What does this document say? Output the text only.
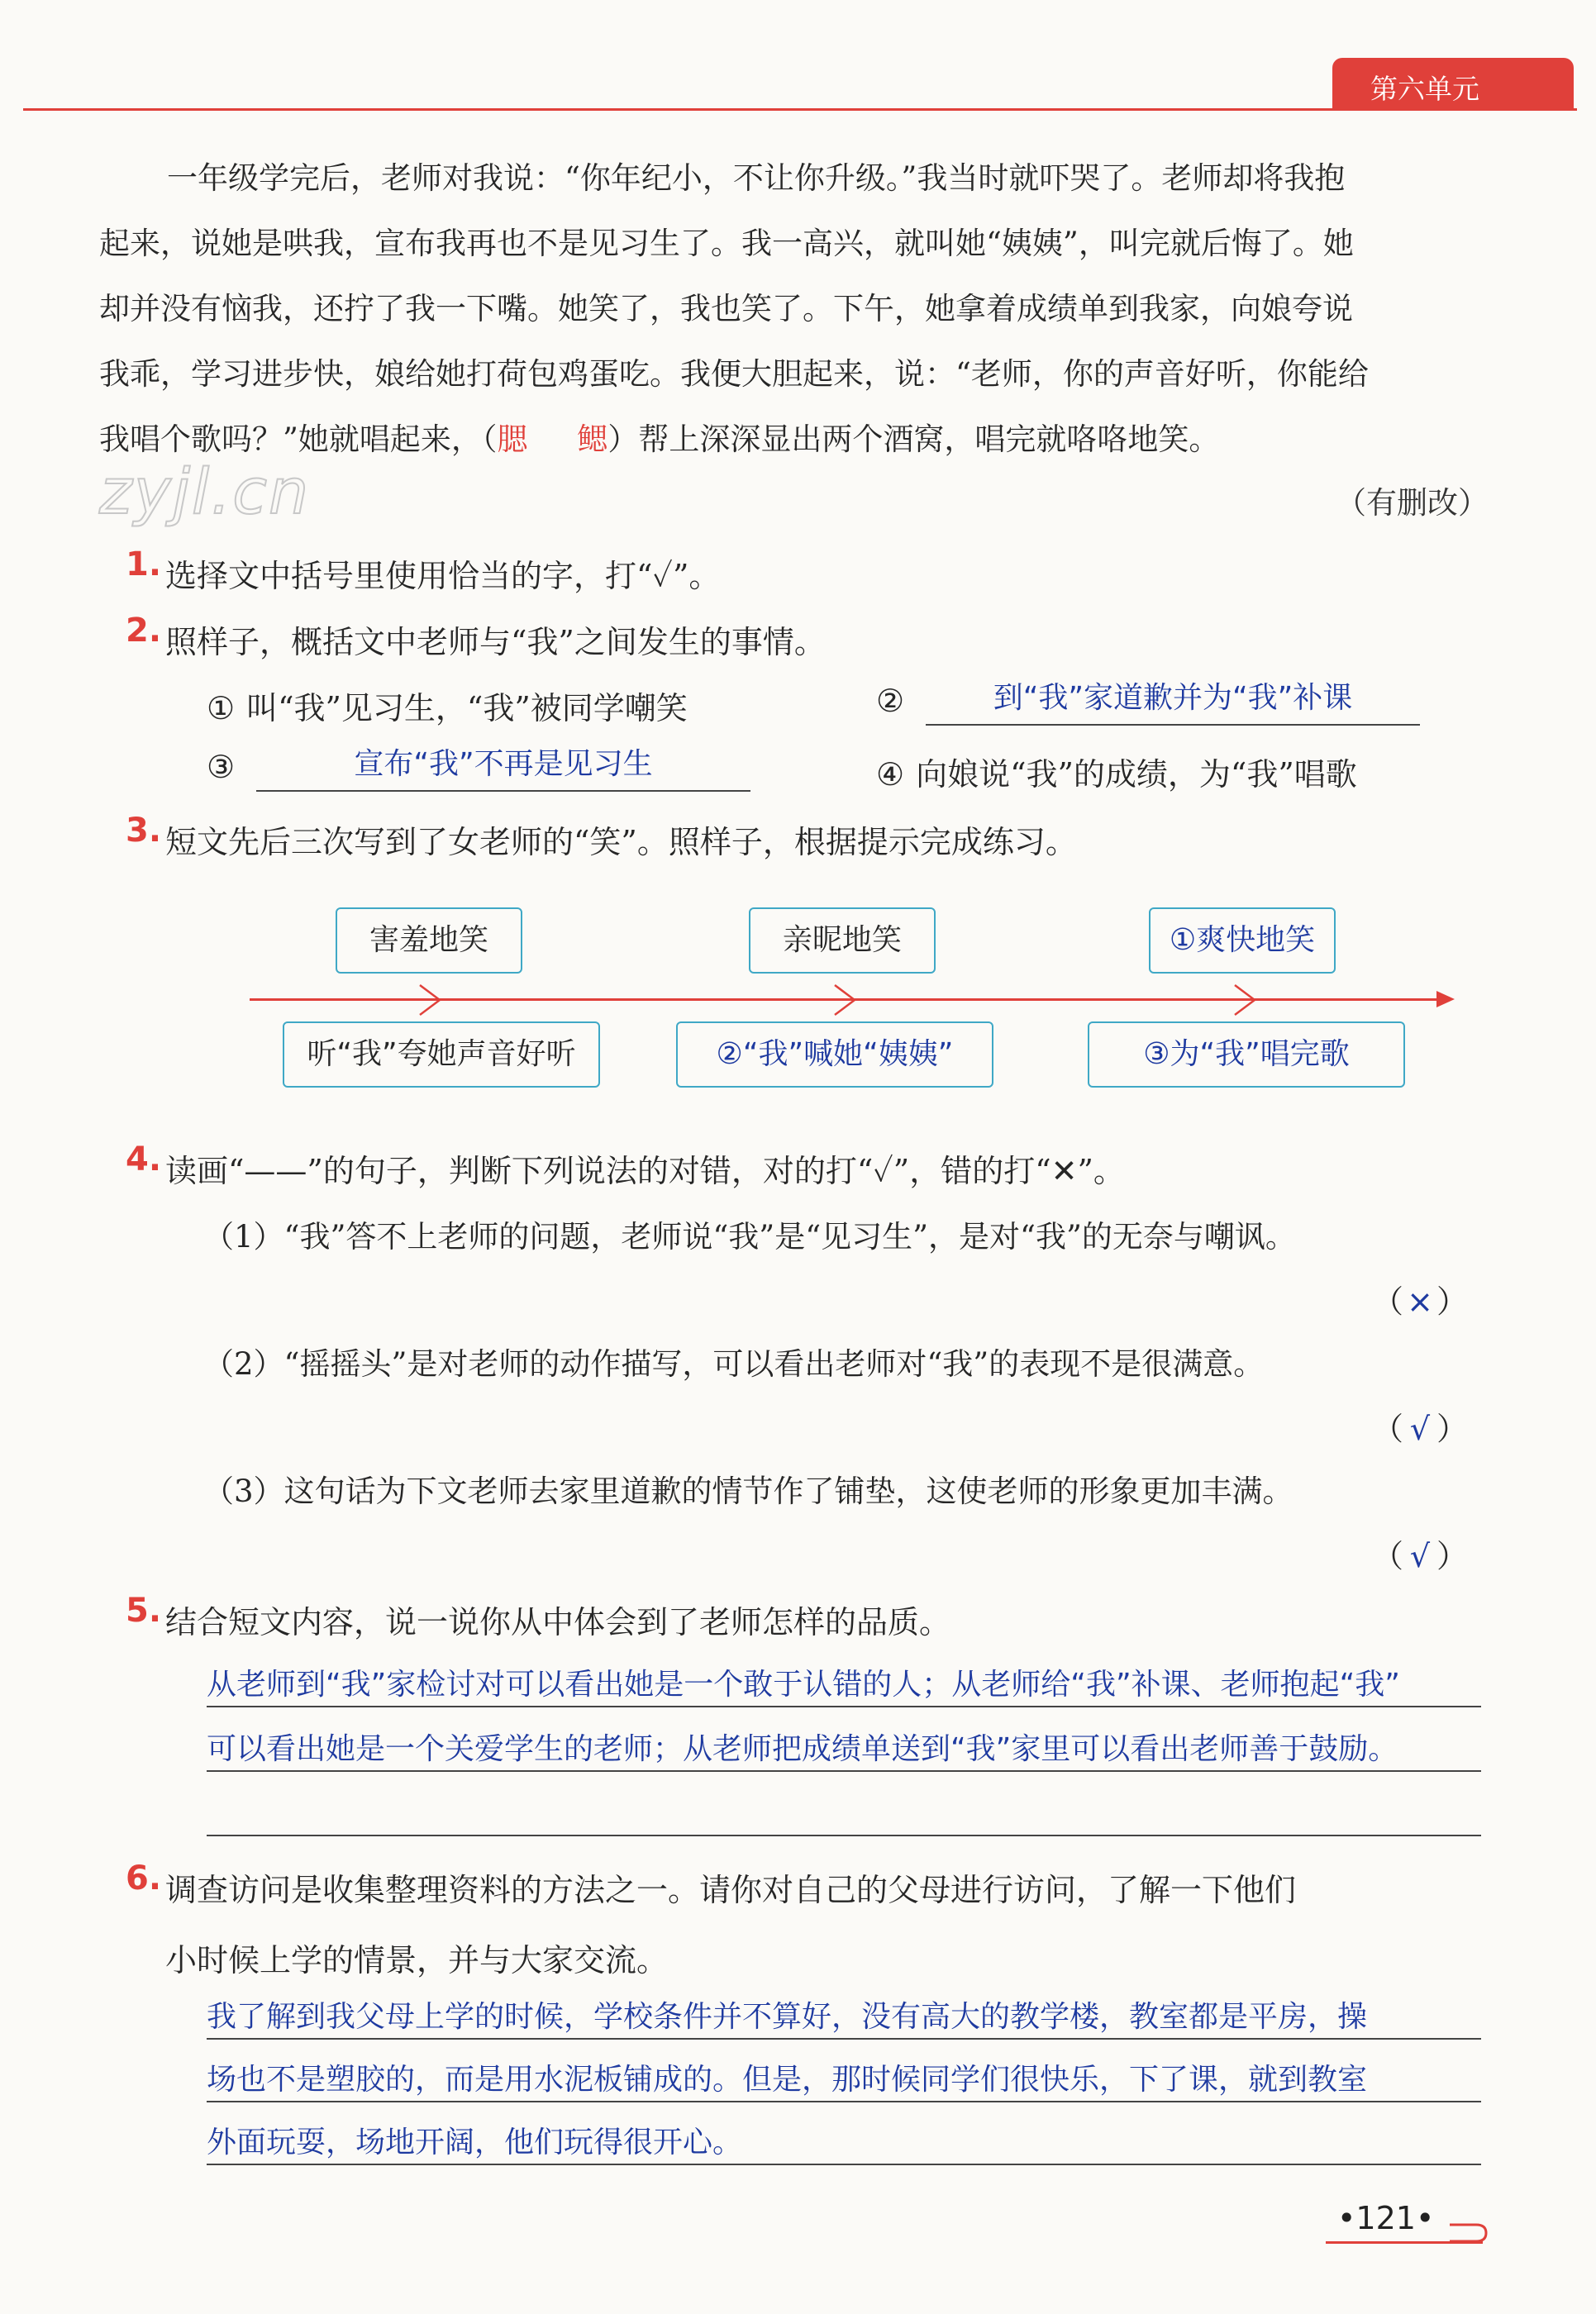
第六单元
一年级学完后，老师对我说：“你年纪小，不让你升级。”我当时就吓哭了。老师却将我抱
起来，说她是哄我，宣布我再也不是见习生了。我一高兴，就叫她“姨姨”，叫完就后悔了。她
却并没有恼我，还拧了我一下嘴。她笑了，我也笑了。下午，她拿着成绩单到我家，向娘夸说
我乖，学习进步快，娘给她打荷包鸡蛋吃。我便大胆起来，说：“老师，你的声音好听，你能给
我唱个歌吗？”她就唱起来，（腮 鳃）帮上深深显出两个酒窝，唱完就咯咯地笑。
zyjl.cn	（有删改）
1. 选择文中括号里使用恰当的字，打“✓”。
2. 照样子，概括文中老师与“我”之间发生的事情。
① 叫“我”见习生，“我”被同学嘲笑	②	到“我”家道歉并为“我”补课
③	宣布“我”不再是见习生	④ 向娘说“我”的成绩，为“我”唱歌
3. 短文先后三次写到了女老师的“笑”。照样子，根据提示完成练习。
害羞地笑	亲昵地笑	①爽快地笑
听“我”夸她声音好听	②“我”喊她“姨姨”	③为“我”唱完歌
4. 读画“——”的句子，判断下列说法的对错，对的打“✓”，错的打“✕”。
（1）“我”答不上老师的问题，老师说“我”是“见习生”，是对“我”的无奈与嘲讽。
（ × ）
（2）“摇摇头”是对老师的动作描写，可以看出老师对“我”的表现不是很满意。
（ √ ）
（3）这句话为下文老师去家里道歉的情节作了铺垫，这使老师的形象更加丰满。
（ √ ）
5. 结合短文内容，说一说你从中体会到了老师怎样的品质。
从老师到“我”家检讨对可以看出她是一个敢于认错的人；从老师给“我”补课、老师抱起“我”
可以看出她是一个关爱学生的老师；从老师把成绩单送到“我”家里可以看出老师善于鼓励。
6. 调查访问是收集整理资料的方法之一。请你对自己的父母进行访问，了解一下他们
小时候上学的情景，并与大家交流。
我了解到我父母上学的时候，学校条件并不算好，没有高大的教学楼，教室都是平房，操
场也不是塑胶的，而是用水泥板铺成的。但是，那时候同学们很快乐，下了课，就到教室
外面玩耍，场地开阔，他们玩得很开心。
•121•
